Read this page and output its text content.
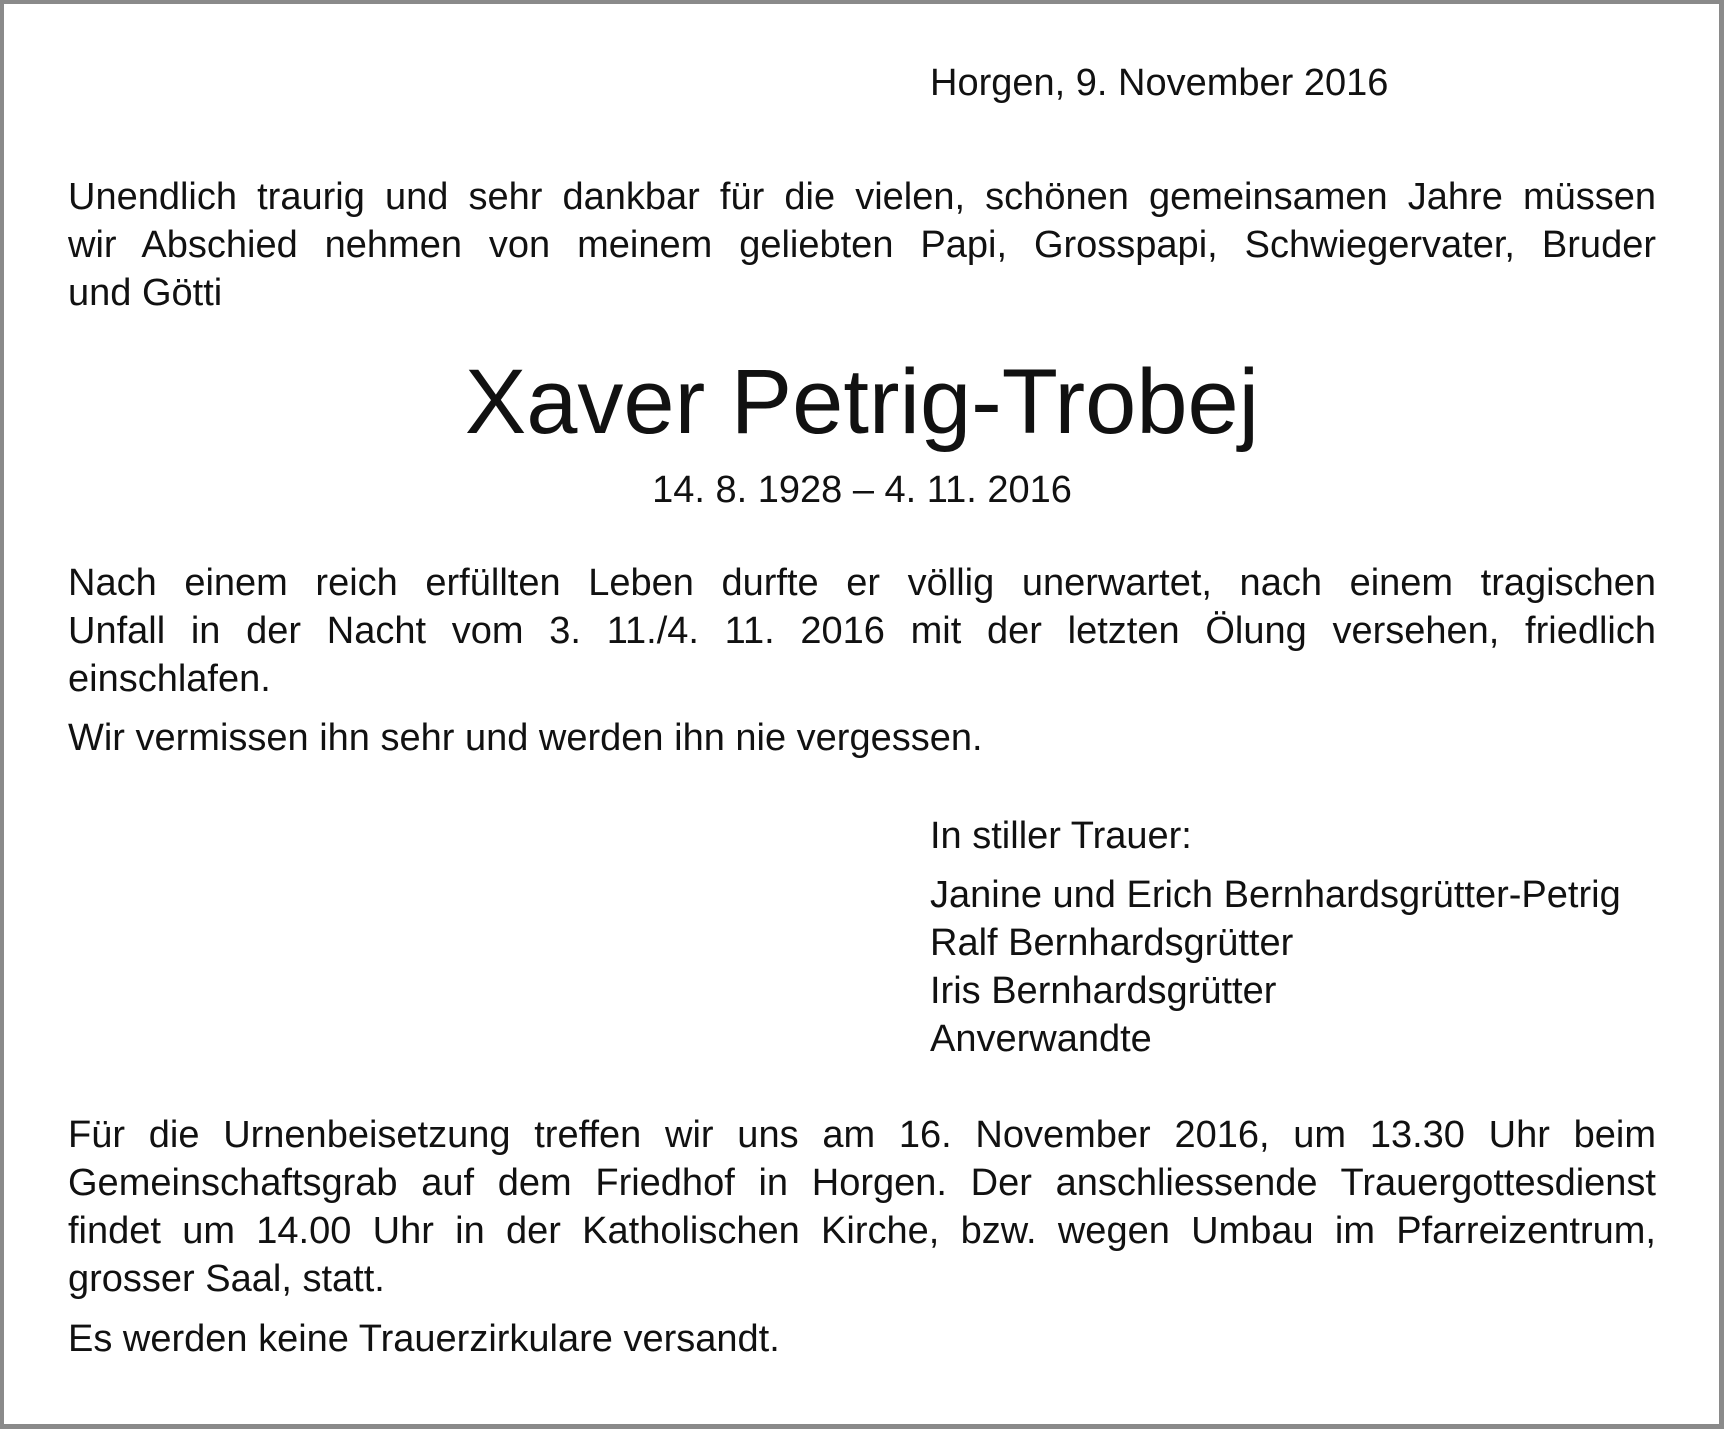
Horgen, 9. November 2016
Unendlich traurig und sehr dankbar für die vielen, schönen gemeinsamen Jahre müssen
wir Abschied nehmen von meinem geliebten Papi, Grosspapi, Schwiegervater, Bruder
und Götti
Xaver Petrig-Trobej
14. 8. 1928 – 4. 11. 2016
Nach einem reich erfüllten Leben durfte er völlig unerwartet, nach einem tragischen
Unfall in der Nacht vom 3. 11./4. 11. 2016 mit der letzten Ölung versehen, friedlich
einschlafen.
Wir vermissen ihn sehr und werden ihn nie vergessen.
In stiller Trauer:
Janine und Erich Bernhardsgrütter-Petrig
Ralf Bernhardsgrütter
Iris Bernhardsgrütter
Anverwandte
Für die Urnenbeisetzung treffen wir uns am 16. November 2016, um 13.30 Uhr beim
Gemeinschaftsgrab auf dem Friedhof in Horgen. Der anschliessende Trauergottesdienst
findet um 14.00 Uhr in der Katholischen Kirche, bzw. wegen Umbau im Pfarreizentrum,
grosser Saal, statt.
Es werden keine Trauerzirkulare versandt.
